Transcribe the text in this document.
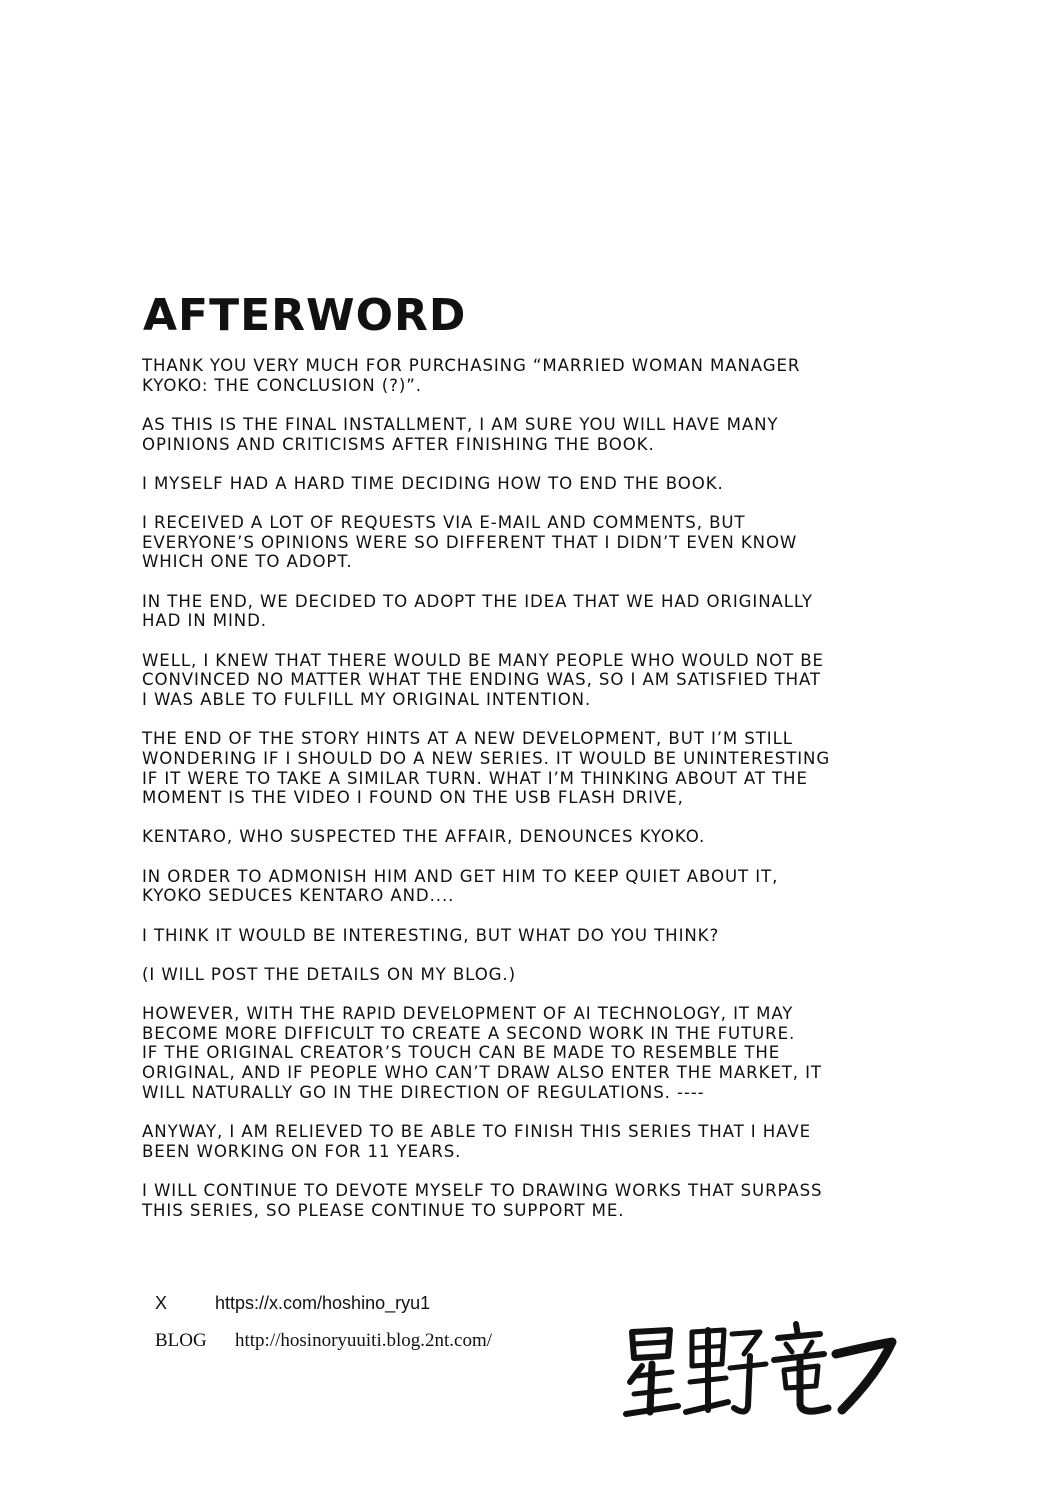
AFTERWORD

THANK YOU VERY MUCH FOR PURCHASING “MARRIED WOMAN MANAGER
KYOKO: THE CONCLUSION (?)”.

AS THIS IS THE FINAL INSTALLMENT, I AM SURE YOU WILL HAVE MANY
OPINIONS AND CRITICISMS AFTER FINISHING THE BOOK.

I MYSELF HAD A HARD TIME DECIDING HOW TO END THE BOOK.

I RECEIVED A LOT OF REQUESTS VIA E-MAIL AND COMMENTS, BUT
EVERYONE’S OPINIONS WERE SO DIFFERENT THAT I DIDN’T EVEN KNOW
WHICH ONE TO ADOPT.

IN THE END, WE DECIDED TO ADOPT THE IDEA THAT WE HAD ORIGINALLY
HAD IN MIND.

WELL, I KNEW THAT THERE WOULD BE MANY PEOPLE WHO WOULD NOT BE
CONVINCED NO MATTER WHAT THE ENDING WAS, SO I AM SATISFIED THAT
I WAS ABLE TO FULFILL MY ORIGINAL INTENTION.

THE END OF THE STORY HINTS AT A NEW DEVELOPMENT, BUT I’M STILL
WONDERING IF I SHOULD DO A NEW SERIES. IT WOULD BE UNINTERESTING
IF IT WERE TO TAKE A SIMILAR TURN. WHAT I’M THINKING ABOUT AT THE
MOMENT IS THE VIDEO I FOUND ON THE USB FLASH DRIVE,

KENTARO, WHO SUSPECTED THE AFFAIR, DENOUNCES KYOKO.

IN ORDER TO ADMONISH HIM AND GET HIM TO KEEP QUIET ABOUT IT,
KYOKO SEDUCES KENTARO AND....

I THINK IT WOULD BE INTERESTING, BUT WHAT DO YOU THINK?

(I WILL POST THE DETAILS ON MY BLOG.)

HOWEVER, WITH THE RAPID DEVELOPMENT OF AI TECHNOLOGY, IT MAY
BECOME MORE DIFFICULT TO CREATE A SECOND WORK IN THE FUTURE.
IF THE ORIGINAL CREATOR’S TOUCH CAN BE MADE TO RESEMBLE THE
ORIGINAL, AND IF PEOPLE WHO CAN’T DRAW ALSO ENTER THE MARKET, IT
WILL NATURALLY GO IN THE DIRECTION OF REGULATIONS. ----

ANYWAY, I AM RELIEVED TO BE ABLE TO FINISH THIS SERIES THAT I HAVE
BEEN WORKING ON FOR 11 YEARS.

I WILL CONTINUE TO DEVOTE MYSELF TO DRAWING WORKS THAT SURPASS
THIS SERIES, SO PLEASE CONTINUE TO SUPPORT ME.

X	https://x.com/hoshino_ryu1
BLOG	http://hosinoryuuiti.blog.2nt.com/
